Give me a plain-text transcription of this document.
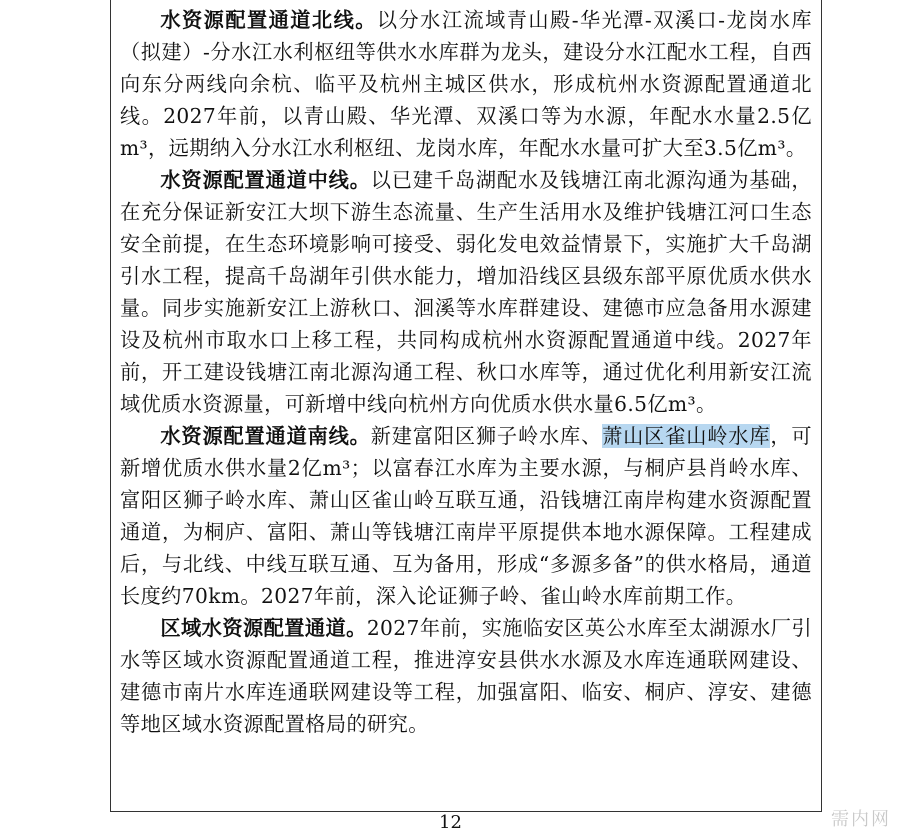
水资源配置通道北线。以分水江流域青山殿-华光潭-双溪口-龙岗水库（拟建）-分水江水利枢纽等供水水库群为龙头，建设分水江配水工程，自西向东分两线向余杭、临平及杭州主城区供水，形成杭州水资源配置通道北线。2027年前，以青山殿、华光潭、双溪口等为水源，年配水水量2.5亿m³，远期纳入分水江水利枢纽、龙岗水库，年配水水量可扩大至3.5亿m³。

水资源配置通道中线。以已建千岛湖配水及钱塘江南北源沟通为基础，在充分保证新安江大坝下游生态流量、生产生活用水及维护钱塘江河口生态安全前提，在生态环境影响可接受、弱化发电效益情景下，实施扩大千岛湖引水工程，提高千岛湖年引供水能力，增加沿线区县级东部平原优质水供水量。同步实施新安江上游秋口、洄溪等水库群建设、建德市应急备用水源建设及杭州市取水口上移工程，共同构成杭州水资源配置通道中线。2027年前，开工建设钱塘江南北源沟通工程、秋口水库等，通过优化利用新安江流域优质水资源量，可新增中线向杭州方向优质水供水量6.5亿m³。

水资源配置通道南线。新建富阳区狮子岭水库、萧山区雀山岭水库，可新增优质水供水量2亿m³；以富春江水库为主要水源，与桐庐县肖岭水库、富阳区狮子岭水库、萧山区雀山岭互联互通，沿钱塘江南岸构建水资源配置通道，为桐庐、富阳、萧山等钱塘江南岸平原提供本地水源保障。工程建成后，与北线、中线互联互通、互为备用，形成“多源多备”的供水格局，通道长度约70km。2027年前，深入论证狮子岭、雀山岭水库前期工作。

区域水资源配置通道。2027年前，实施临安区英公水库至太湖源水厂引水等区域水资源配置通道工程，推进淳安县供水水源及水库连通联网建设、建德市南片水库连通联网建设等工程，加强富阳、临安、桐庐、淳安、建德等地区域水资源配置格局的研究。

12	需内网
